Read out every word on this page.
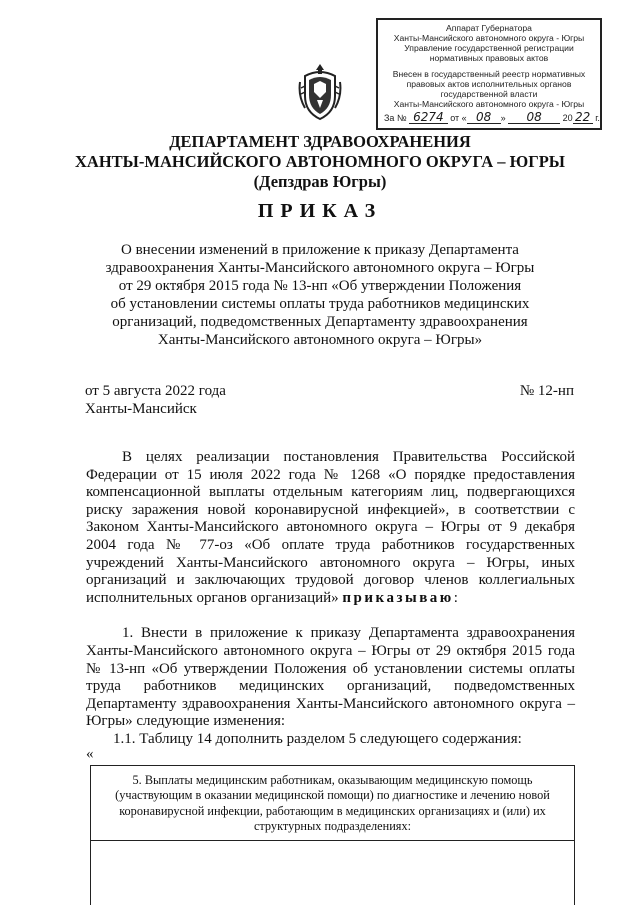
Аппарат Губернатора
Ханты-Мансийского автономного округа - Югры
Управление государственной регистрации
нормативных правовых актов
Внесен в государственный реестр нормативных
правовых актов исполнительных органов
государственной власти
Ханты-Мансийского автономного округа - Югры
За № 6274 от « 08 » 08 20 22 г.
ДЕПАРТАМЕНТ ЗДРАВООХРАНЕНИЯ
ХАНТЫ-МАНСИЙСКОГО АВТОНОМНОГО ОКРУГА – ЮГРЫ
(Депздрав Югры)
ПРИКАЗ
О внесении изменений в приложение к приказу Департамента
здравоохранения Ханты-Мансийского автономного округа – Югры
от 29 октября 2015 года № 13-нп «Об утверждении Положения
об установлении системы оплаты труда работников медицинских
организаций, подведомственных Департаменту здравоохранения
Ханты-Мансийского автономного округа – Югры»
от 5 августа 2022 года
Ханты-Мансийск
№ 12-нп

В целях реализации постановления Правительства Российской Федерации от 15 июля 2022 года № 1268 «О порядке предоставления компенсационной выплаты отдельным категориям лиц, подвергающихся риску заражения новой коронавирусной инфекцией», в соответствии с Законом Ханты-Мансийского автономного округа – Югры от 9 декабря 2004 года № 77-оз «Об оплате труда работников государственных учреждений Ханты-Мансийского автономного округа – Югры, иных организаций и заключающих трудовой договор членов коллегиальных исполнительных органов организаций» приказываю:

1. Внести в приложение к приказу Департамента здравоохранения Ханты-Мансийского автономного округа – Югры от 29 октября 2015 года № 13-нп «Об утверждении Положения об установлении системы оплаты труда работников медицинских организаций, подведомственных Департаменту здравоохранения Ханты-Мансийского автономного округа – Югры» следующие изменения:

1.1. Таблицу 14 дополнить разделом 5 следующего содержания:

«
5. Выплаты медицинским работникам, оказывающим медицинскую помощь (участвующим в оказании медицинской помощи) по диагностике и лечению новой коронавирусной инфекции, работающим в медицинских организациях и (или) их структурных подразделениях:
